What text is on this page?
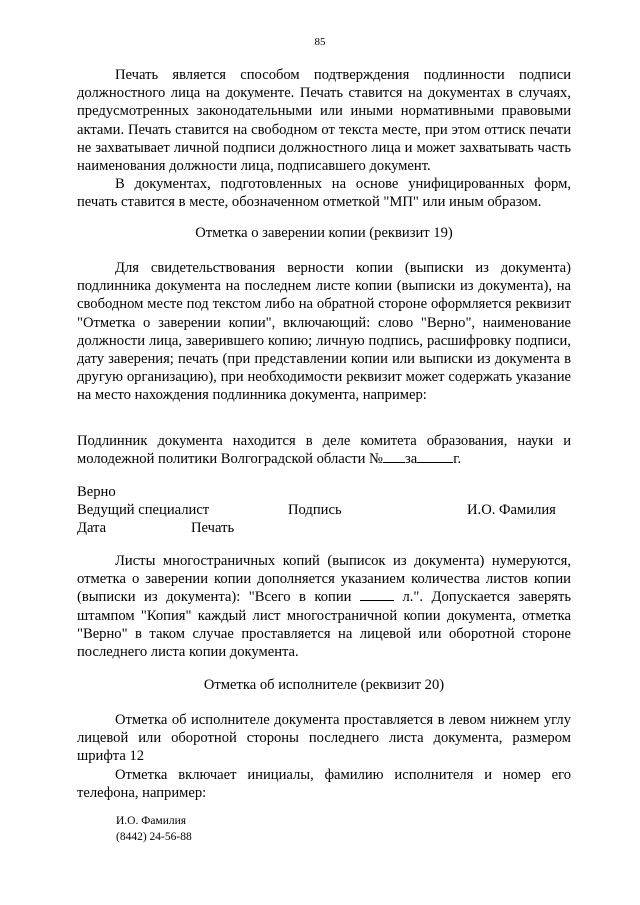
85

Печать является способом подтверждения подлинности подписи должностного лица на документе. Печать ставится на документах в случаях, предусмотренных законодательными или иными нормативными правовыми актами. Печать ставится на свободном от текста месте, при этом оттиск печати не захватывает личной подписи должностного лица и может захватывать часть наименования должности лица, подписавшего документ.

В документах, подготовленных на основе унифицированных форм, печать ставится в месте, обозначенном отметкой "МП" или иным образом.

Отметка о заверении копии (реквизит 19)

Для свидетельствования верности копии (выписки из документа) подлинника документа на последнем листе копии (выписки из документа), на свободном месте под текстом либо на обратной стороне оформляется реквизит "Отметка о заверении копии", включающий: слово "Верно", наименование должности лица, заверившего копию; личную подпись, расшифровку подписи, дату заверения; печать (при представлении копии или выписки из документа в другую организацию), при необходимости реквизит может содержать указание на место нахождения подлинника документа, например:

Подлинник документа находится в деле комитета образования, науки и молодежной политики Волгоградской области № за г.

Верно
Ведущий специалист	Подпись	И.О. Фамилия
Дата	Печать

Листы многостраничных копий (выписок из документа) нумеруются, отметка о заверении копии дополняется указанием количества листов копии (выписки из документа): "Всего в копии	л.". Допускается заверять штампом "Копия" каждый лист многостраничной копии документа, отметка "Верно" в таком случае проставляется на лицевой или оборотной стороне последнего листа копии документа.

Отметка об исполнителе (реквизит 20)

Отметка об исполнителе документа проставляется в левом нижнем углу лицевой или оборотной стороны последнего листа документа, размером шрифта 12

Отметка включает инициалы, фамилию исполнителя и номер его телефона, например:

И.О. Фамилия
(8442) 24-56-88
